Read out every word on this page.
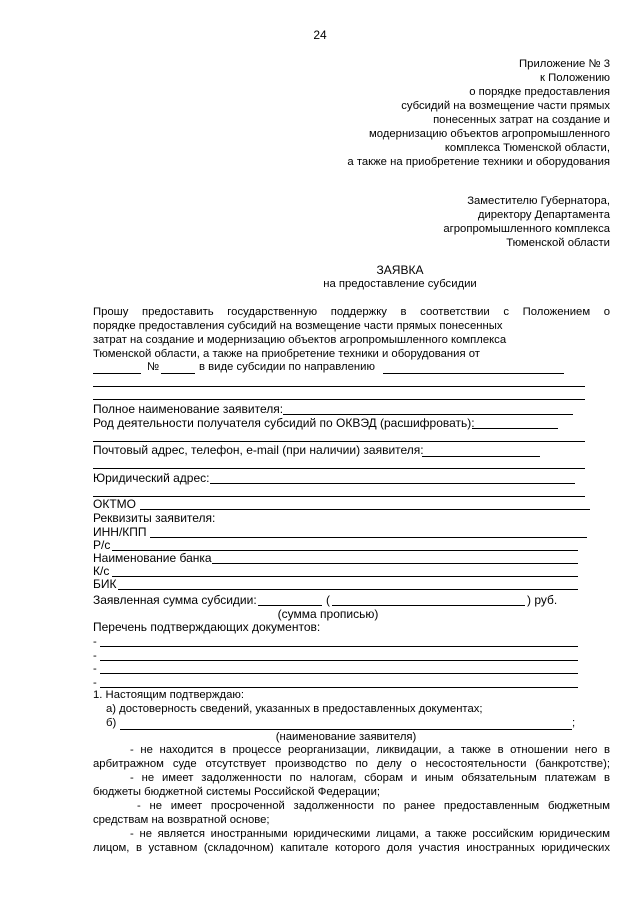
24
Приложение № 3
к Положению
о порядке предоставления
субсидий на возмещение части прямых
понесенных затрат на создание и
модернизацию объектов агропромышленного
комплекса Тюменской области,
а также на приобретение техники и оборудования
Заместителю Губернатора,
директору Департамента
агропромышленного комплекса
Тюменской области
ЗАЯВКА
на предоставление субсидии
Прошу предоставить государственную поддержку в соответствии с Положением о
порядке предоставления субсидий на возмещение части прямых понесенных
затрат на создание и модернизацию объектов агропромышленного комплекса
Тюменской области, а также на приобретение техники и оборудования от
№	в виде субсидии по направлению
Полное наименование заявителя:
Род деятельности получателя субсидий по ОКВЭД (расшифровать):
Почтовый адрес, телефон, e-mail (при наличии) заявителя:
Юридический адрес:
ОКТМО
Реквизиты заявителя:
ИНН/КПП
Р/с
Наименование банка
К/с
БИК
Заявленная сумма субсидии:	(	) руб.
(сумма прописью)
Перечень подтверждающих документов:
-
-
-
-
1. Настоящим подтверждаю:
а) достоверность сведений, указанных в предоставленных документах;
б)	;
(наименование заявителя)
- не находится в процессе реорганизации, ликвидации, а также в отношении него в
арбитражном суде отсутствует производство по делу о несостоятельности (банкротстве);
- не имеет задолженности по налогам, сборам и иным обязательным платежам в
бюджеты бюджетной системы Российской Федерации;
- не имеет просроченной задолженности по ранее предоставленным бюджетным
средствам на возвратной основе;
- не является иностранными юридическими лицами, а также российским юридическим
лицом, в уставном (складочном) капитале которого доля участия иностранных юридических
